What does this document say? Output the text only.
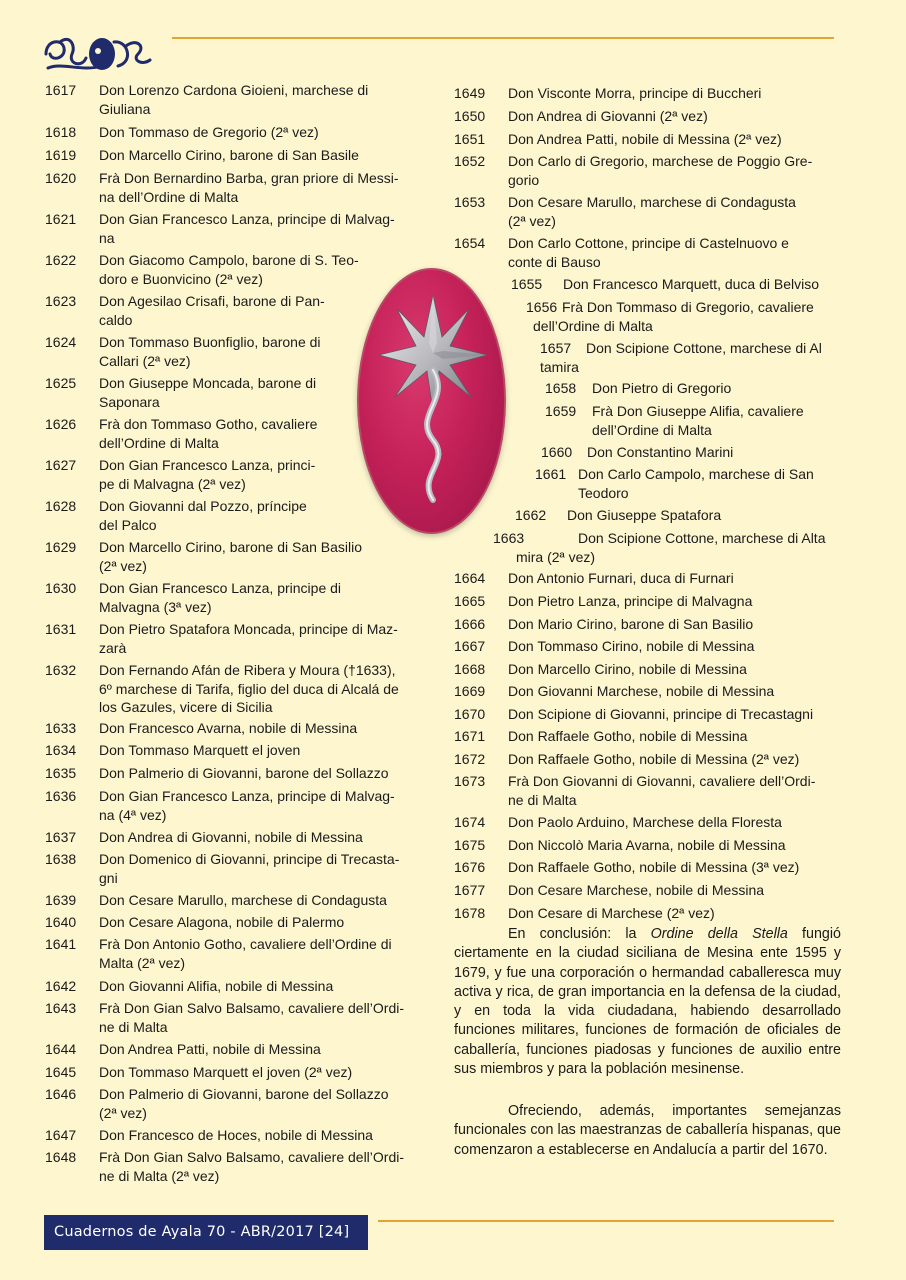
1617 Don Lorenzo Cardona Gioieni, marchese di
Giuliana
1618 Don Tommaso de Gregorio (2ª vez)
1619 Don Marcello Cirino, barone di San Basile
1620 Frà Don Bernardino Barba, gran priore di Messi-
na dell’Ordine di Malta
1621 Don Gian Francesco Lanza, principe di Malvag-
na
1622 Don Giacomo Campolo, barone di S. Teo-
doro e Buonvicino (2ª vez)
1623 Don Agesilao Crisafi, barone di Pan-
caldo
1624 Don Tommaso Buonfiglio, barone di
Callari (2ª vez)
1625 Don Giuseppe Moncada, barone di
Saponara
1626 Frà don Tommaso Gotho, cavaliere
dell’Ordine di Malta
1627 Don Gian Francesco Lanza, princi-
pe di Malvagna (2ª vez)
1628 Don Giovanni dal Pozzo, príncipe
del Palco
1629 Don Marcello Cirino, barone di San Basilio
(2ª vez)
1630 Don Gian Francesco Lanza, principe di
Malvagna (3ª vez)
1631 Don Pietro Spatafora Moncada, principe di Maz-
zarà
1632 Don Fernando Afán de Ribera y Moura (†1633),
6º marchese di Tarifa, figlio del duca di Alcalá de
los Gazules, vicere di Sicilia
1633 Don Francesco Avarna, nobile di Messina
1634 Don Tommaso Marquett el joven
1635 Don Palmerio di Giovanni, barone del Sollazzo
1636 Don Gian Francesco Lanza, principe di Malvag-
na (4ª vez)
1637 Don Andrea di Giovanni, nobile di Messina
1638 Don Domenico di Giovanni, principe di Trecasta-
gni
1639 Don Cesare Marullo, marchese di Condagusta
1640 Don Cesare Alagona, nobile di Palermo
1641 Frà Don Antonio Gotho, cavaliere dell’Ordine di
Malta (2ª vez)
1642 Don Giovanni Alifia, nobile di Messina
1643 Frà Don Gian Salvo Balsamo, cavaliere dell’Ordi-
ne di Malta
1644 Don Andrea Patti, nobile di Messina
1645 Don Tommaso Marquett el joven (2ª vez)
1646 Don Palmerio di Giovanni, barone del Sollazzo
(2ª vez)
1647 Don Francesco de Hoces, nobile di Messina
1648 Frà Don Gian Salvo Balsamo, cavaliere dell’Ordi-
ne di Malta (2ª vez)
1649 Don Visconte Morra, principe di Buccheri
1650 Don Andrea di Giovanni (2ª vez)
1651 Don Andrea Patti, nobile di Messina (2ª vez)
1652 Don Carlo di Gregorio, marchese de Poggio Gre-
gorio
1653 Don Cesare Marullo, marchese di Condagusta
(2ª vez)
1654 Don Carlo Cottone, principe di Castelnuovo e
conte di Bauso
1655 Don Francesco Marquett, duca di Belviso
1656 Frà Don Tommaso di Gregorio, cavaliere
dell’Ordine di Malta
1657 Don Scipione Cottone, marchese di Al
tamira
1658 Don Pietro di Gregorio
1659 Frà Don Giuseppe Alifia, cavaliere
dell’Ordine di Malta
1660 Don Constantino Marini
1661 Don Carlo Campolo, marchese di San
Teodoro
1662 Don Giuseppe Spatafora
1663	Don Scipione Cottone, marchese di Alta
mira (2ª vez)
1664 Don Antonio Furnari, duca di Furnari
1665 Don Pietro Lanza, principe di Malvagna
1666 Don Mario Cirino, barone di San Basilio
1667 Don Tommaso Cirino, nobile di Messina
1668 Don Marcello Cirino, nobile di Messina
1669 Don Giovanni Marchese, nobile di Messina
1670 Don Scipione di Giovanni, principe di Trecastagni
1671 Don Raffaele Gotho, nobile di Messina
1672 Don Raffaele Gotho, nobile di Messina (2ª vez)
1673 Frà Don Giovanni di Giovanni, cavaliere dell’Ordi-
ne di Malta
1674 Don Paolo Arduino, Marchese della Floresta
1675 Don Niccolò Maria Avarna, nobile di Messina
1676 Don Raffaele Gotho, nobile di Messina (3ª vez)
1677 Don Cesare Marchese, nobile di Messina
1678 Don Cesare di Marchese (2ª vez)
En conclusión: la Ordine della Stella fungió ciertamente en la ciudad siciliana de Mesina ente 1595 y 1679, y fue una corporación o hermandad caballeresca muy activa y rica, de gran importancia en la defensa de la ciudad, y en toda la vida ciudadana, habiendo desarrollado funciones militares, funciones de formación de oficiales de caballería, funciones piadosas y funciones de auxilio entre sus miembros y para la población mesinense.
Ofreciendo, además, importantes semejanzas funcionales con las maestranzas de caballería hispanas, que comenzaron a establecerse en Andalucía a partir del 1670.
Cuadernos de Ayala 70 - ABR/2017 [24]
